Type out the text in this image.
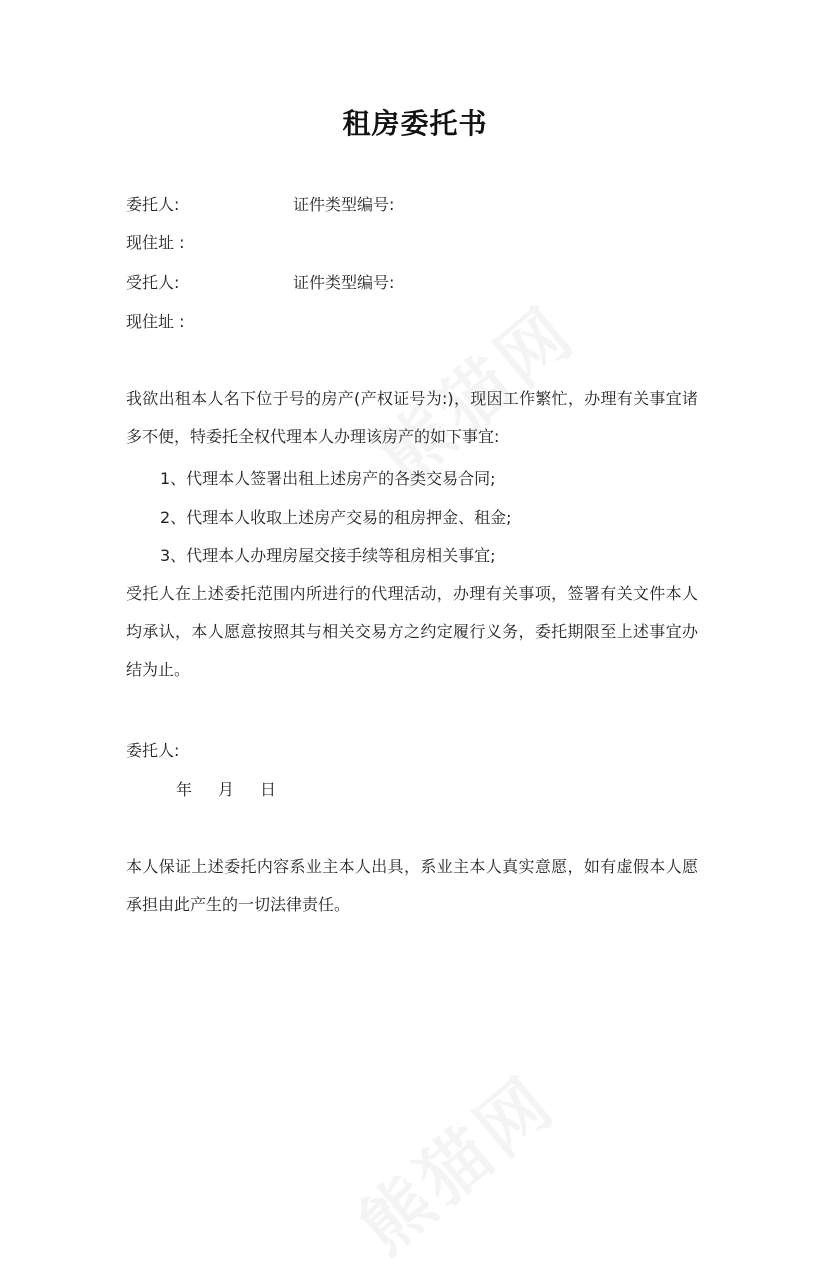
租房委托书
委托人:	证件类型编号:
现住址 :
受托人:	证件类型编号:
现住址 :
我欲出租本人名下位于号的房产(产权证号为:)，现因工作繁忙，办理有关事宜诸多不便，特委托全权代理本人办理该房产的如下事宜:
1、代理本人签署出租上述房产的各类交易合同;
2、代理本人收取上述房产交易的租房押金、租金;
3、代理本人办理房屋交接手续等租房相关事宜;
受托人在上述委托范围内所进行的代理活动，办理有关事项，签署有关文件本人均承认，本人愿意按照其与相关交易方之约定履行义务，委托期限至上述事宜办结为止。
委托人:
年 月 日
本人保证上述委托内容系业主本人出具，系业主本人真实意愿，如有虚假本人愿承担由此产生的一切法律责任。
